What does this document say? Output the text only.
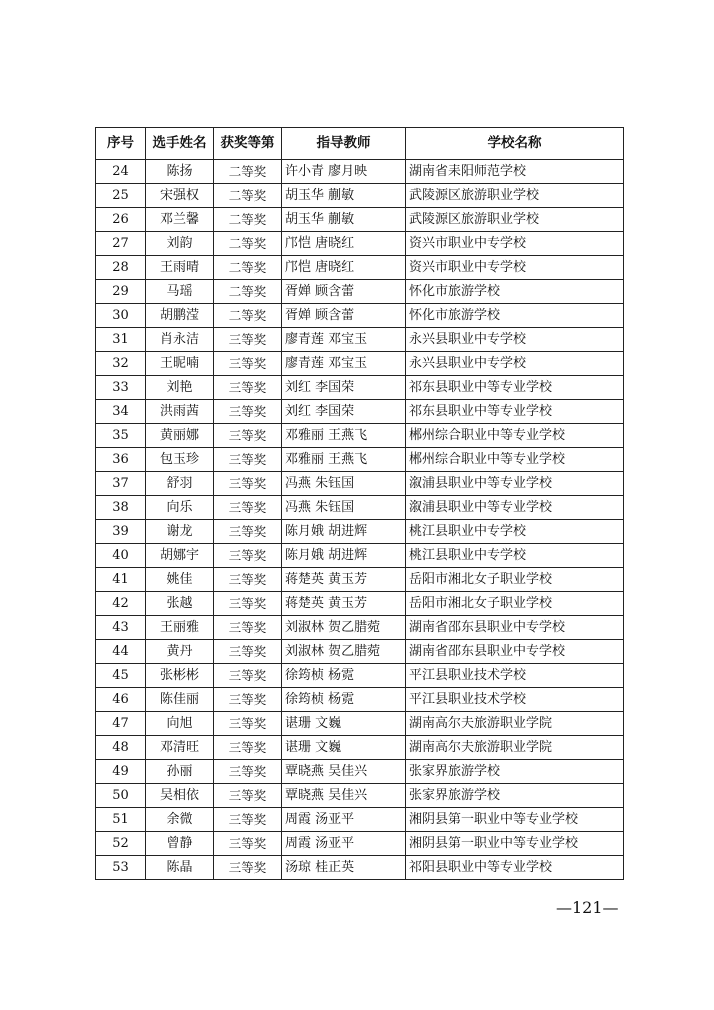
序号	选手姓名	获奖等第	指导教师	学校名称
24	陈扬	二等奖	许小青 廖月映	湖南省耒阳师范学校
25	宋强权	二等奖	胡玉华 蒯敏	武陵源区旅游职业学校
26	邓兰馨	二等奖	胡玉华 蒯敏	武陵源区旅游职业学校
27	刘韵	二等奖	邝恺 唐晓红	资兴市职业中专学校
28	王雨晴	二等奖	邝恺 唐晓红	资兴市职业中专学校
29	马瑶	二等奖	胥婵 顾含蕾	怀化市旅游学校
30	胡鹏滢	二等奖	胥婵 顾含蕾	怀化市旅游学校
31	肖永洁	三等奖	廖青莲 邓宝玉	永兴县职业中专学校
32	王昵喃	三等奖	廖青莲 邓宝玉	永兴县职业中专学校
33	刘艳	三等奖	刘红 李国荣	祁东县职业中等专业学校
34	洪雨茜	三等奖	刘红 李国荣	祁东县职业中等专业学校
35	黄丽娜	三等奖	邓雅丽 王燕飞	郴州综合职业中等专业学校
36	包玉珍	三等奖	邓雅丽 王燕飞	郴州综合职业中等专业学校
37	舒羽	三等奖	冯燕 朱钰国	溆浦县职业中等专业学校
38	向乐	三等奖	冯燕 朱钰国	溆浦县职业中等专业学校
39	谢龙	三等奖	陈月娥 胡进辉	桃江县职业中专学校
40	胡娜宇	三等奖	陈月娥 胡进辉	桃江县职业中专学校
41	姚佳	三等奖	蒋楚英 黄玉芳	岳阳市湘北女子职业学校
42	张越	三等奖	蒋楚英 黄玉芳	岳阳市湘北女子职业学校
43	王丽雅	三等奖	刘淑林 贺乙腊菀	湖南省邵东县职业中专学校
44	黄丹	三等奖	刘淑林 贺乙腊菀	湖南省邵东县职业中专学校
45	张彬彬	三等奖	徐筠桢 杨霓	平江县职业技术学校
46	陈佳丽	三等奖	徐筠桢 杨霓	平江县职业技术学校
47	向旭	三等奖	谌珊 文巍	湖南高尔夫旅游职业学院
48	邓清旺	三等奖	谌珊 文巍	湖南高尔夫旅游职业学院
49	孙丽	三等奖	覃晓燕 吴佳兴	张家界旅游学校
50	吴相依	三等奖	覃晓燕 吴佳兴	张家界旅游学校
51	余微	三等奖	周霞 汤亚平	湘阴县第一职业中等专业学校
52	曾静	三等奖	周霞 汤亚平	湘阴县第一职业中等专业学校
53	陈晶	三等奖	汤琼 桂正英	祁阳县职业中等专业学校
—121—
